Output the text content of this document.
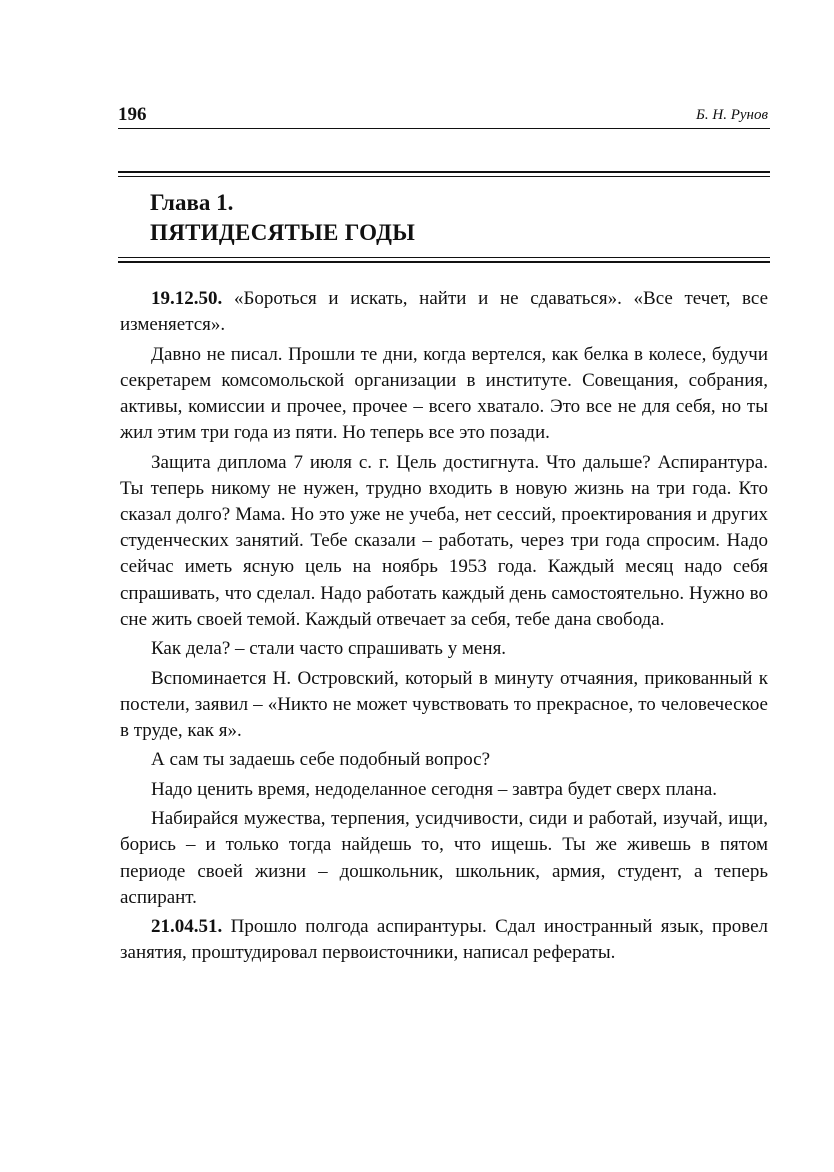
196	Б. Н. Рунов
Глава 1.
ПЯТИДЕСЯТЫЕ ГОДЫ

19.12.50. «Бороться и искать, найти и не сдаваться». «Все течет, все изменяется».

Давно не писал. Прошли те дни, когда вертелся, как белка в колесе, будучи секретарем комсомольской организации в институте. Совещания, собрания, активы, комиссии и прочее, прочее – всего хватало. Это все не для себя, но ты жил этим три года из пяти. Но теперь все это позади.

Защита диплома 7 июля с. г. Цель достигнута. Что дальше? Аспирантура. Ты теперь никому не нужен, трудно входить в новую жизнь на три года. Кто сказал долго? Мама. Но это уже не учеба, нет сессий, проектирования и других студенческих занятий. Тебе сказали – работать, через три года спросим. Надо сейчас иметь ясную цель на ноябрь 1953 года. Каждый месяц надо себя спрашивать, что сделал. Надо работать каждый день самостоятельно. Нужно во сне жить своей темой. Каждый отвечает за себя, тебе дана свобода.

Как дела? – стали часто спрашивать у меня.

Вспоминается Н. Островский, который в минуту отчаяния, прикованный к постели, заявил – «Никто не может чувствовать то прекрасное, то человеческое в труде, как я».

А сам ты задаешь себе подобный вопрос?

Надо ценить время, недоделанное сегодня – завтра будет сверх плана.

Набирайся мужества, терпения, усидчивости, сиди и работай, изучай, ищи, борись – и только тогда найдешь то, что ищешь. Ты же живешь в пятом периоде своей жизни – дошкольник, школьник, армия, студент, а теперь аспирант.

21.04.51. Прошло полгода аспирантуры. Сдал иностранный язык, провел занятия, проштудировал первоисточники, написал рефераты.
